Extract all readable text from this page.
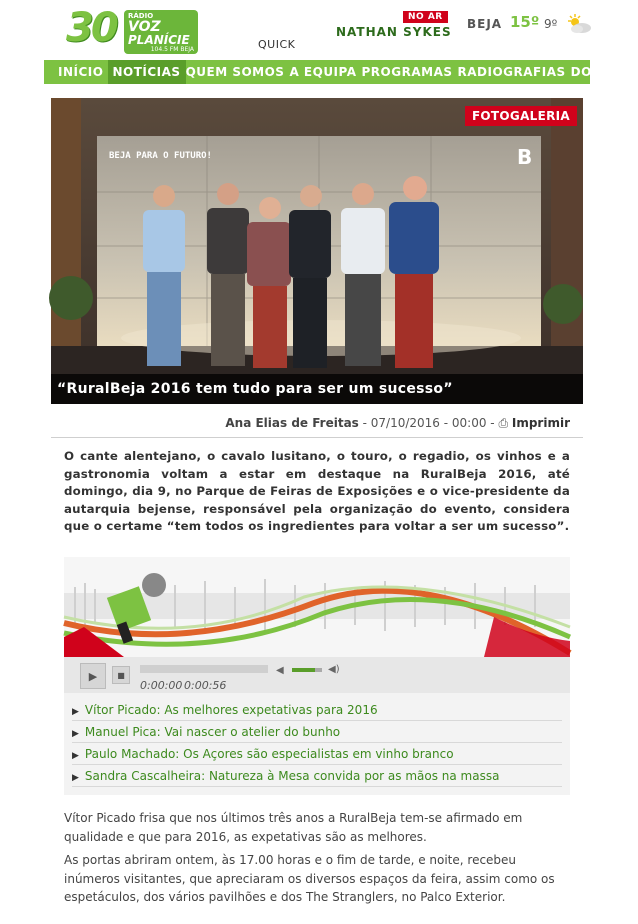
30 RÁDIO
VOZ
PLANÍCIE
104.5 FM BEJA	QUICK
NO AR
NATHAN SYKES
BEJA 15º 9º
INÍCIO NOTÍCIAS QUEM SOMOS A EQUIPA PROGRAMAS RADIOGRAFIAS DOS
BEJA PARA O FUTURO!	B
FOTOGALERIA
“RuralBeja 2016 tem tudo para ser um sucesso”
Ana Elias de Freitas - 07/10/2016 - 00:00 - ⎙ Imprimir
O cante alentejano, o cavalo lusitano, o touro, o regadio, os vinhos e a gastronomia voltam a estar em destaque na RuralBeja 2016, até domingo, dia 9, no Parque de Feiras de Exposições e o vice-presidente da autarquia bejense, responsável pela organização do evento, considera que o certame “tem todos os ingredientes para voltar a ser um sucesso”.
▶ ■
0:00:00 0:00:56
◀	◀)
▶ Vítor Picado: As melhores expetativas para 2016
▶ Manuel Pica: Vai nascer o atelier do bunho
▶ Paulo Machado: Os Açores são especialistas em vinho branco
▶ Sandra Cascalheira: Natureza à Mesa convida por as mãos na massa
Vítor Picado frisa que nos últimos três anos a RuralBeja tem-se afirmado em qualidade e que para 2016, as expetativas são as melhores.
As portas abriram ontem, às 17.00 horas e o fim de tarde, e noite, recebeu inúmeros visitantes, que apreciaram os diversos espaços da feira, assim como os espetáculos, dos vários pavilhões e dos The Stranglers, no Palco Exterior.
